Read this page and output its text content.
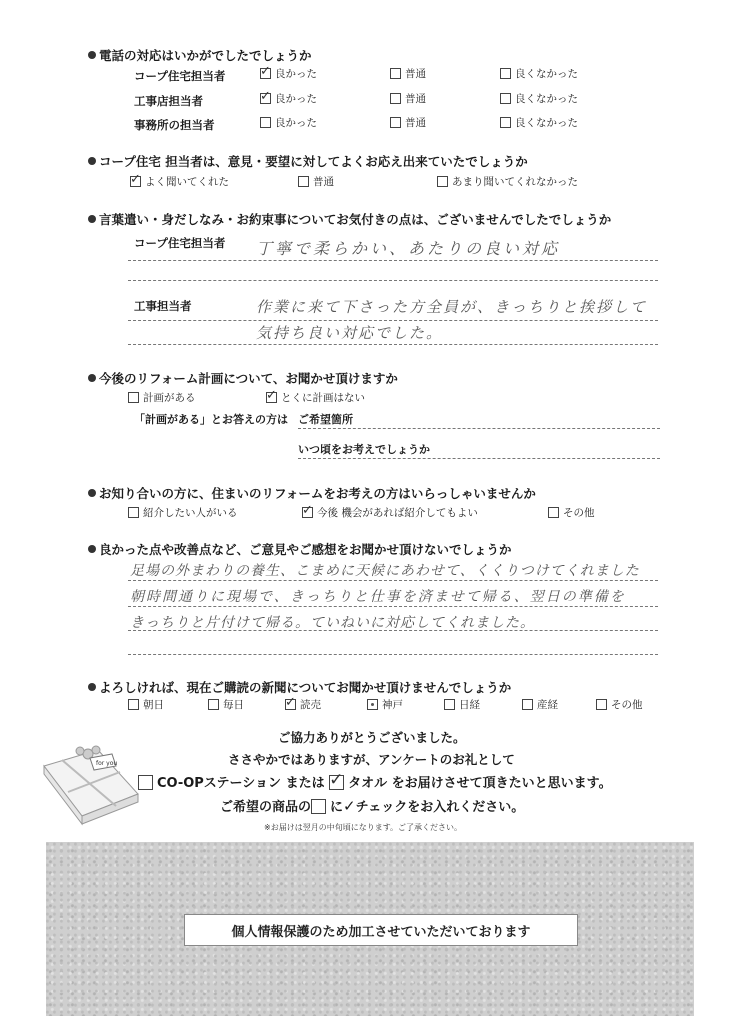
電話の対応はいかがでしたでしょうか
コープ住宅担当者 ✓	良かった	普通	良くなかった
工事店担当者 ✓	良かった	普通	良くなかった
事務所の担当者	良かった	普通	良くなかった
コープ住宅 担当者は、意見・要望に対してよくお応え出来ていたでしょうか
✓
よく聞いてくれた	普通	あまり聞いてくれなかった
言葉遣い・身だしなみ・お約束事についてお気付きの点は、ございませんでしたでしょうか
コープ住宅担当者 丁寧で柔らかい、あたりの良い対応
工事担当者	作業に来て下さった方全員が、きっちりと挨拶して
気持ち良い対応でした。
今後のリフォーム計画について、お聞かせ頂けますか
計画がある ✓	とくに計画はない
「計画がある」とお答えの方は ご希望箇所
いつ頃をお考えでしょうか
お知り合いの方に、住まいのリフォームをお考えの方はいらっしゃいませんか
紹介したい人がいる ✓	今後 機会があれば紹介してもよい	その他
良かった点や改善点など、ご意見やご感想をお聞かせ頂けないでしょうか
足場の外まわりの養生、こまめに天候にあわせて、くくりつけてくれました
朝時間通りに現場で、きっちりと仕事を済ませて帰る、翌日の準備を
きっちりと片付けて帰る。ていねいに対応してくれました。
よろしければ、現在ご購読の新聞についてお聞かせ頂けませんでしょうか
朝日	毎日 ✓	読売	神戸	日経	産経	その他
for you
ご協力ありがとうございました。
ささやかではありますが、アンケートのお礼として
CO-OPステーション または ✓ タオル をお届けさせて頂きたいと思います。
ご希望の商品の に✓チェックをお入れください。
※お届けは翌月の中旬頃になります。ご了承ください。
個人情報保護のため加工させていただいております
